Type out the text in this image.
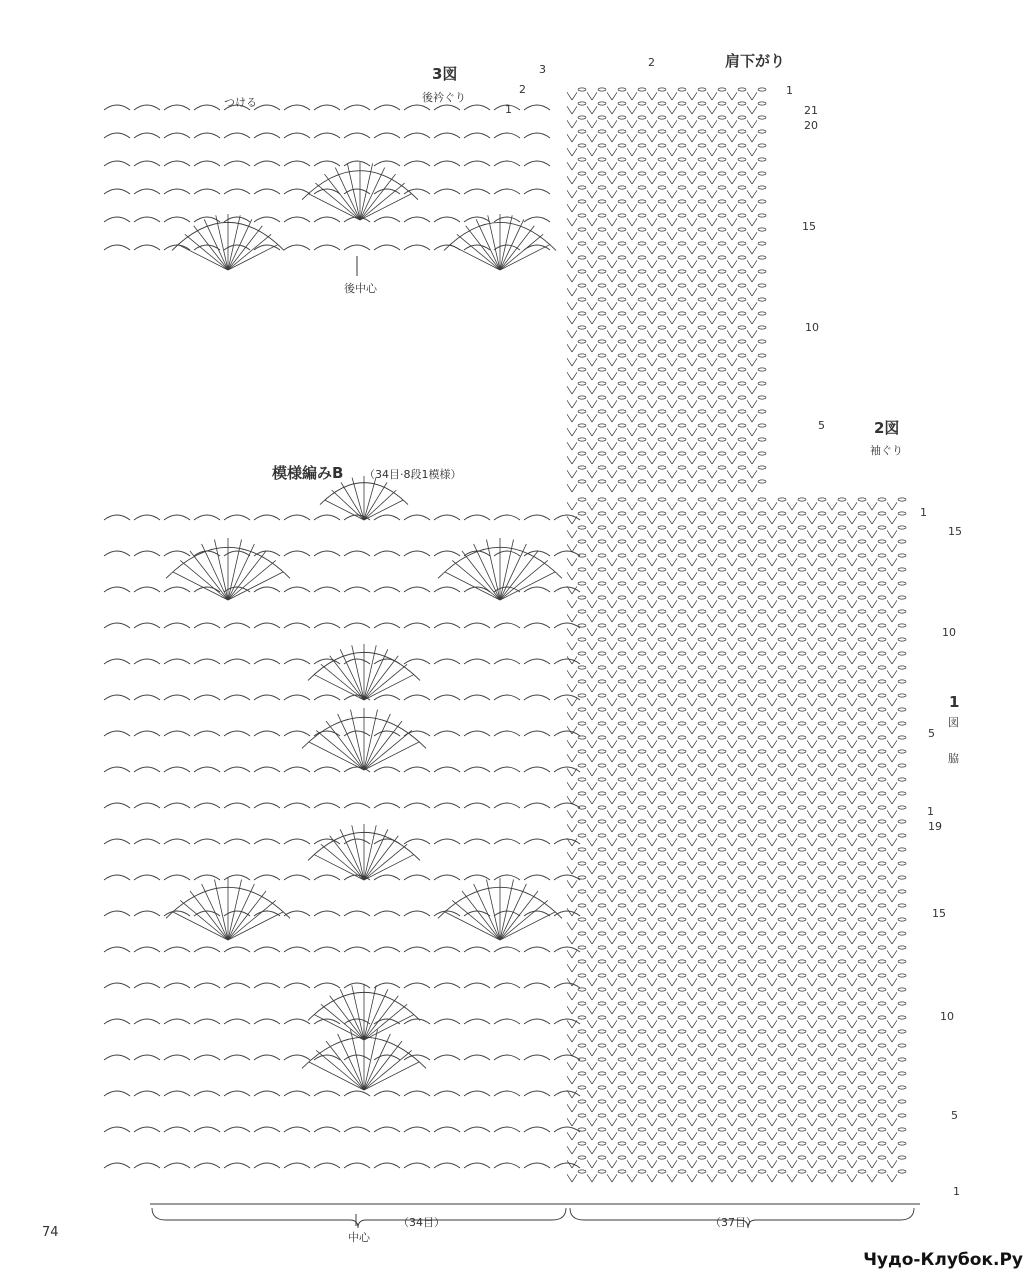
3図
後衿ぐり
つける
後中心
肩下がり
2図
袖ぐり
1
図
脇
模様編みB （34目·8段1模様）
3
2
1
2
1
21
20
15
10
5
1
15
10
5
1
19
15
10
5
1
中心
（34目）	（37目）
74
Чудо-Клубок.Ру
